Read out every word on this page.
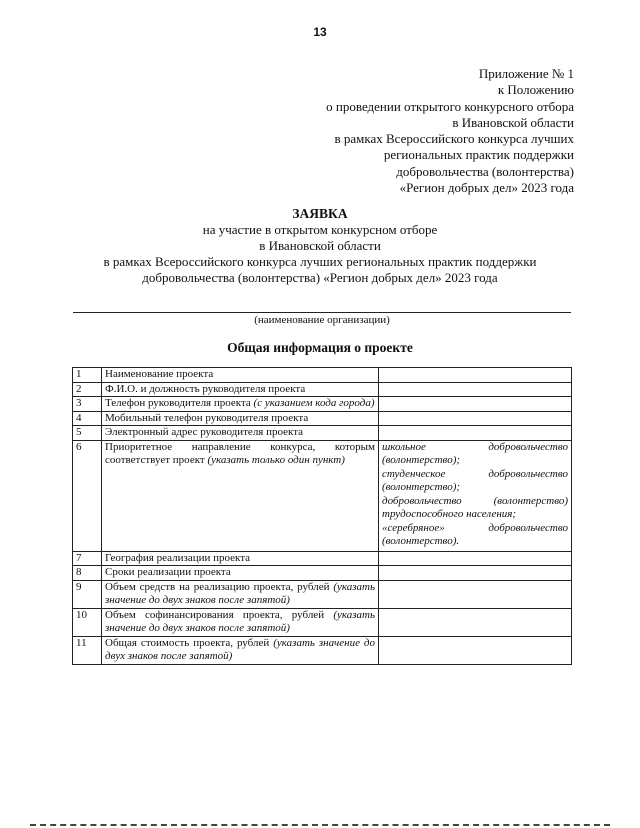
13
Приложение № 1
к Положению
о проведении открытого конкурсного отбора
в Ивановской области
в рамках Всероссийского конкурса лучших
региональных практик поддержки
добровольчества (волонтерства)
«Регион добрых дел» 2023 года
ЗАЯВКА
на участие в открытом конкурсном отборе
в Ивановской области
в рамках Всероссийского конкурса лучших региональных практик поддержки
добровольчества (волонтерства) «Регион добрых дел» 2023 года
(наименование организации)
Общая информация о проекте
1	Наименование проекта	
2	Ф.И.О. и должность руководителя проекта	
3	Телефон руководителя проекта (с указанием кода города)	
4	Мобильный телефон руководителя проекта	
5	Электронный адрес руководителя проекта	
6	Приоритетное направление конкурса, которым соответствует проект (указать только один пункт)	школьное добровольчество (волонтерство);
студенческое добровольчество (волонтерство);
добровольчество (волонтерство) трудоспособного населения;
«серебряное» добровольчество (волонтерство).

7	География реализации проекта	
8	Сроки реализации проекта	
9	Объем средств на реализацию проекта, рублей (указать значение до двух знаков после запятой)	
10	Объем софинансирования проекта, рублей (указать значение до двух знаков после запятой)	
11	Общая стоимость проекта, рублей (указать значение до двух знаков после запятой)	
